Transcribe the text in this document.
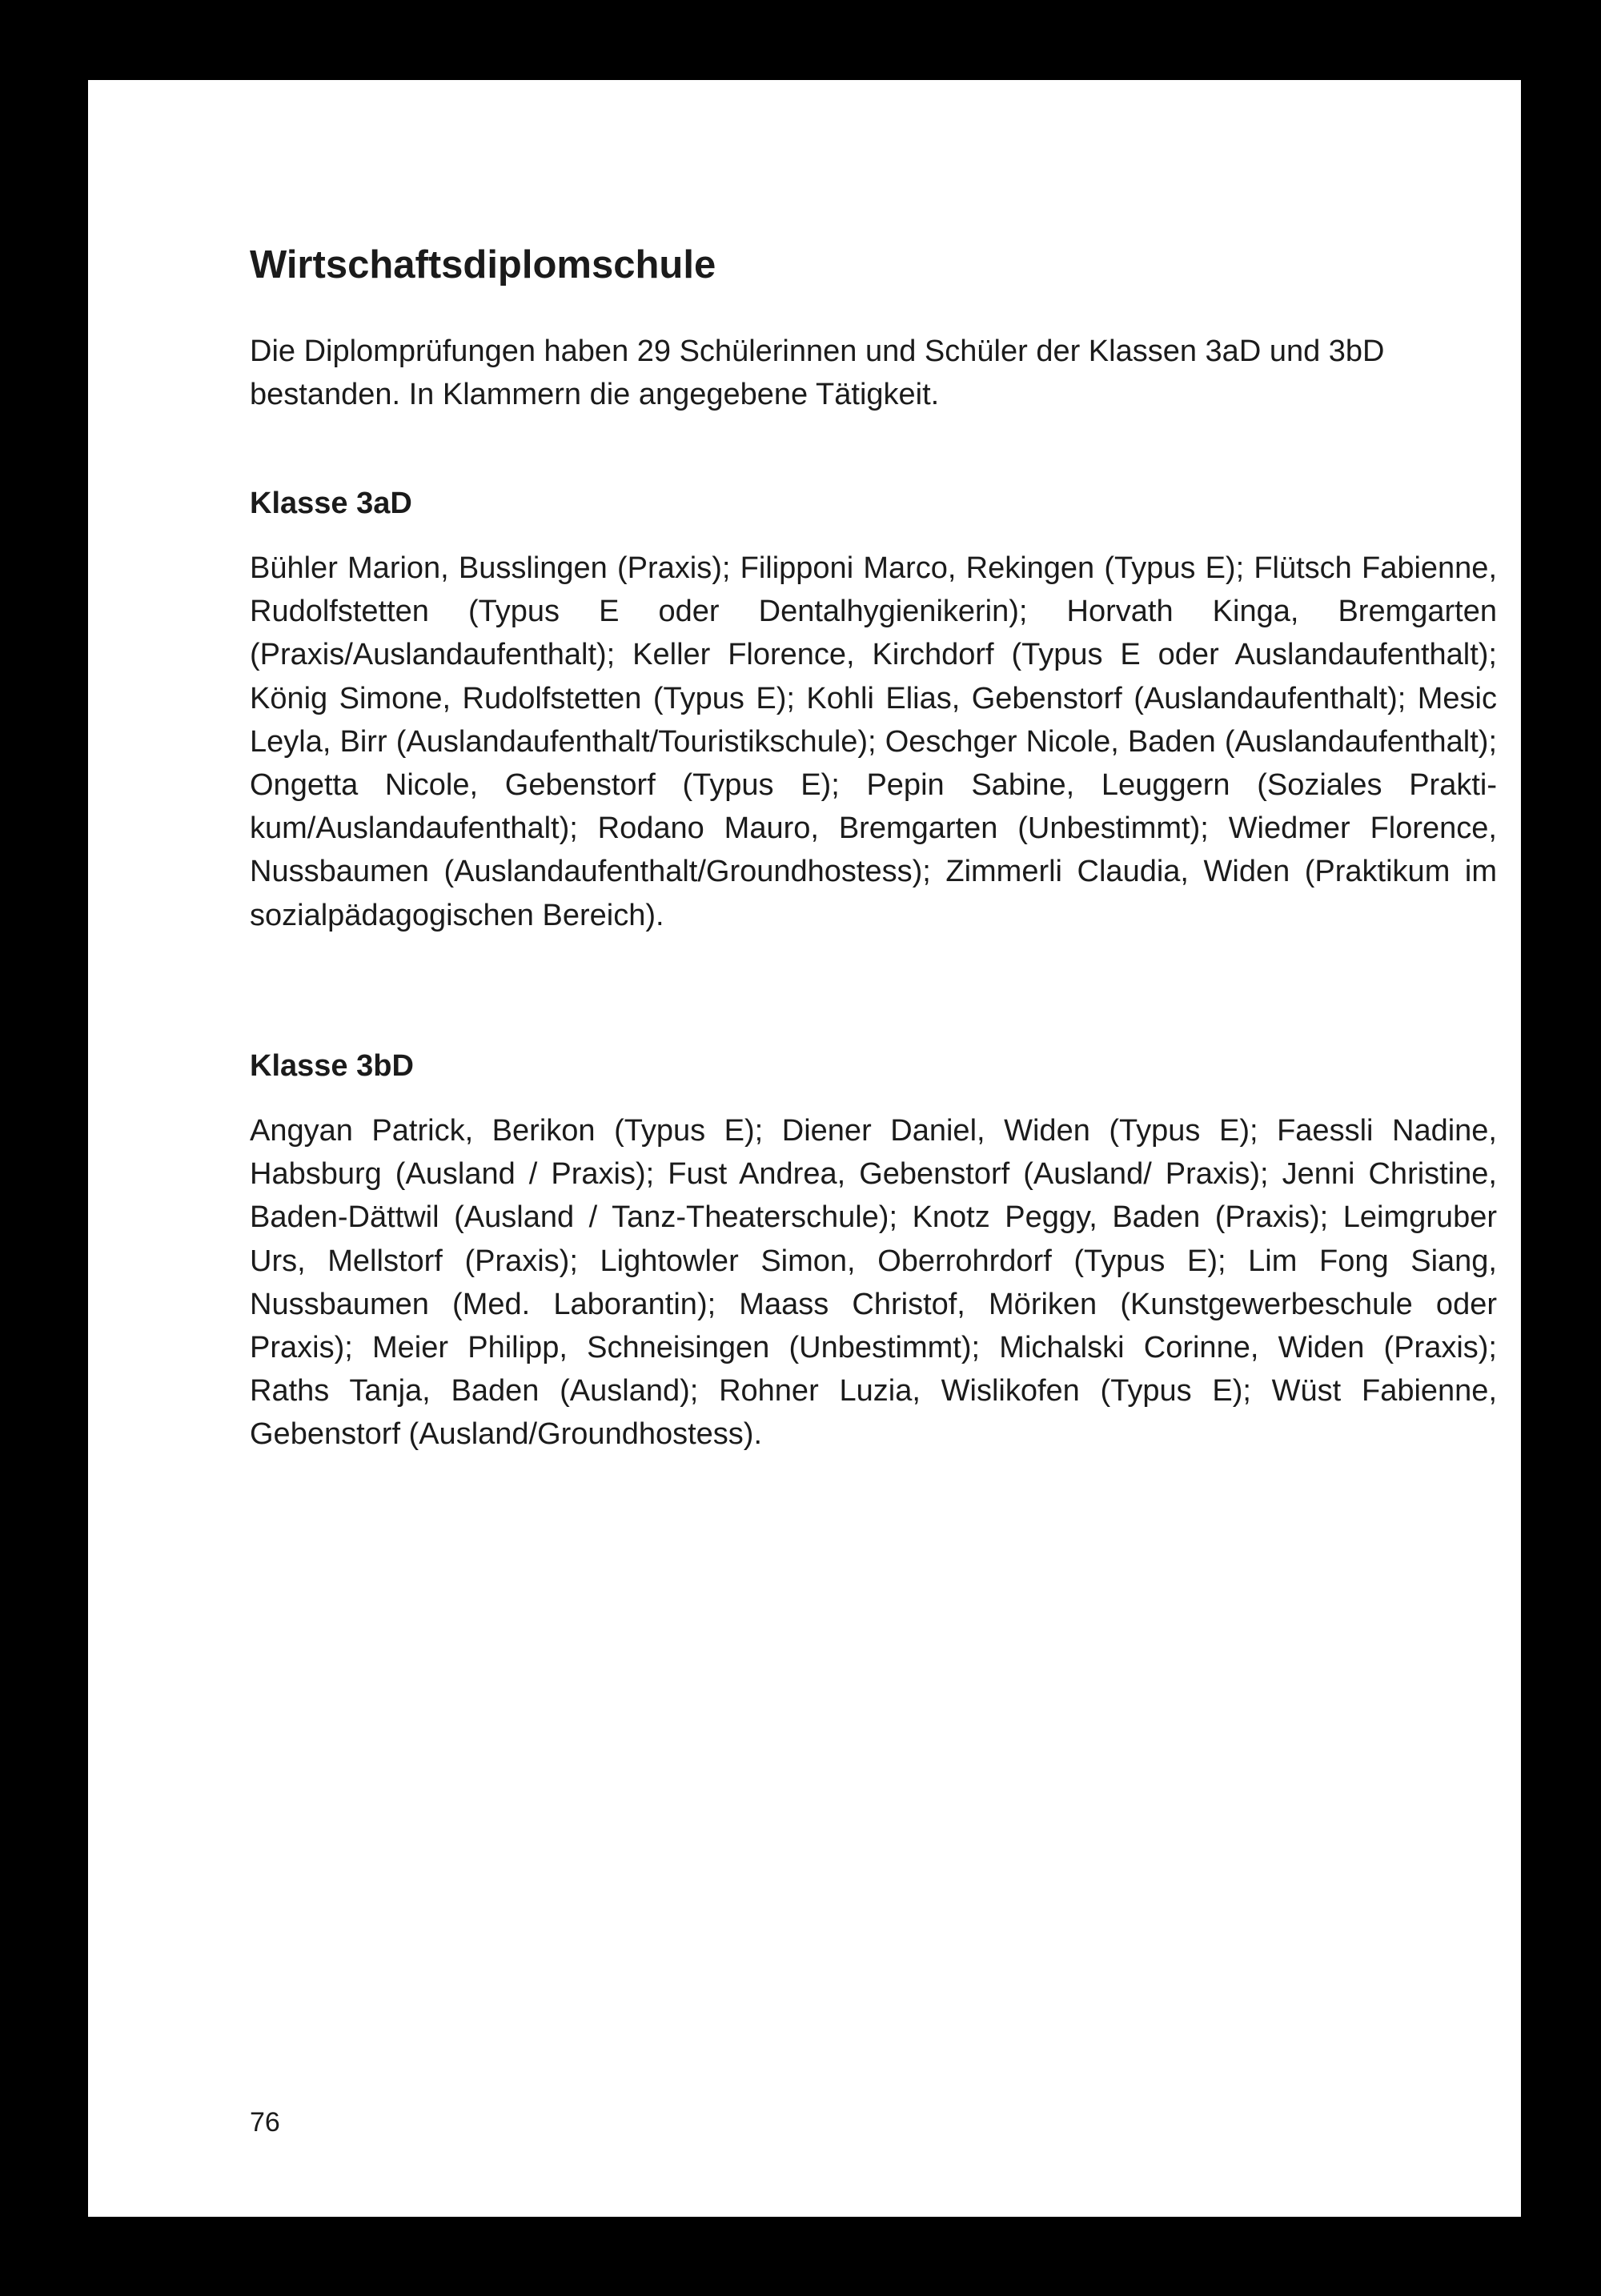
Wirtschaftsdiplomschule

Die Diplomprüfungen haben 29 Schülerinnen und Schüler der Klassen 3aD und 3bD bestanden. In Klammern die angegebene Tätigkeit.

Klasse 3aD

Bühler Marion, Busslingen (Praxis); Filipponi Marco, Rekingen (Typus E); Flütsch Fabienne, Rudolfstetten (Typus E oder Dentalhygienikerin); Horvath Kinga, Bremgarten (Praxis/Auslandaufenthalt); Keller Florence, Kirchdorf (Typus E oder Auslandaufenthalt); König Simone, Rudolfstetten (Typus E); Kohli Elias, Gebenstorf (Auslandaufenthalt); Mesic Leyla, Birr (Auslandaufenthalt/Touristikschule); Oeschger Nicole, Baden (Auslandaufenthalt); Ongetta Nicole, Gebenstorf (Typus E); Pepin Sabine, Leuggern (Soziales Praktikum/Auslandaufenthalt); Rodano Mauro, Bremgarten (Unbestimmt); Wiedmer Florence, Nussbaumen (Auslandaufenthalt/Groundhostess); Zimmerli Claudia, Widen (Praktikum im sozialpädagogischen Bereich).

Klasse 3bD

Angyan Patrick, Berikon (Typus E); Diener Daniel, Widen (Typus E); Faessli Nadine, Habsburg (Ausland / Praxis); Fust Andrea, Gebenstorf (Ausland/ Praxis); Jenni Christine, Baden-Dättwil (Ausland / Tanz-Theaterschule); Knotz Peggy, Baden (Praxis); Leimgruber Urs, Mellstorf (Praxis); Lightowler Simon, Oberrohrdorf (Typus E); Lim Fong Siang, Nussbaumen (Med. Laborantin); Maass Christof, Möriken (Kunstgewerbeschule oder Praxis); Meier Philipp, Schneisingen (Unbestimmt); Michalski Corinne, Widen (Praxis); Raths Tanja, Baden (Ausland); Rohner Luzia, Wislikofen (Typus E); Wüst Fabienne, Gebenstorf (Ausland/Groundhostess).

76
